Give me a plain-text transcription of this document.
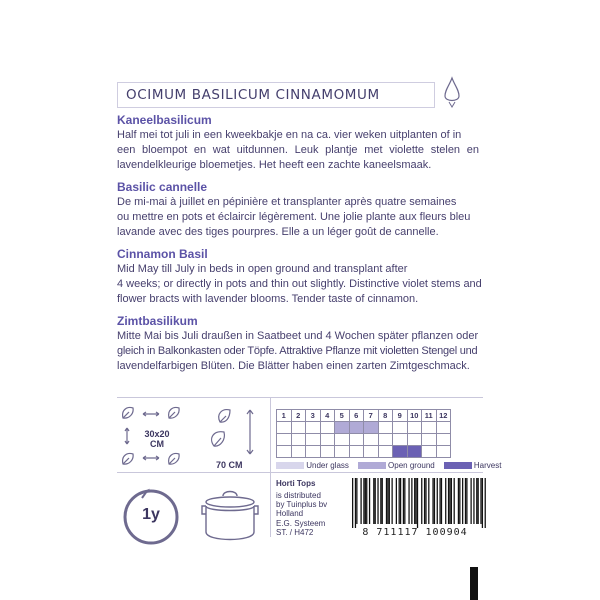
OCIMUM BASILICUM CINNAMOMUM
Kaneelbasilicum
Half mei tot juli in een kweekbakje en na ca. vier weken uitplanten of in
een bloempot en wat uitdunnen. Leuk plantje met violette stelen en
lavendelkleurige bloemetjes. Het heeft een zachte kaneelsmaak.
Basilic cannelle
De mi-mai à juillet en pépinière et transplanter après quatre semaines
ou mettre en pots et éclaircir légèrement. Une jolie plante aux fleurs bleu
lavande avec des tiges pourpres. Elle a un léger goût de cannelle.
Cinnamon Basil
Mid May till July in beds in open ground and transplant after
4 weeks; or directly in pots and thin out slightly. Distinctive violet stems and
flower bracts with lavender blooms. Tender taste of cinnamon.
Zimtbasilikum
Mitte Mai bis Juli draußen in Saatbeet und 4 Wochen später pflanzen oder
gleich in Balkonkasten oder Töpfe. Attraktive Pflanze mit violetten Stengel und
lavendelfarbigen Blüten. Die Blätter haben einen zarten Zimtgeschmack.
30x20
CM
70 CM
1	2	3	4	5	6	7	8	9	10	11	12

Under glass	Open ground	Harvest
1y
Horti Tops
is distributed
by Tuinplus bv
Holland
E.G. Systeem
ST. / H472	8 711117 100904
